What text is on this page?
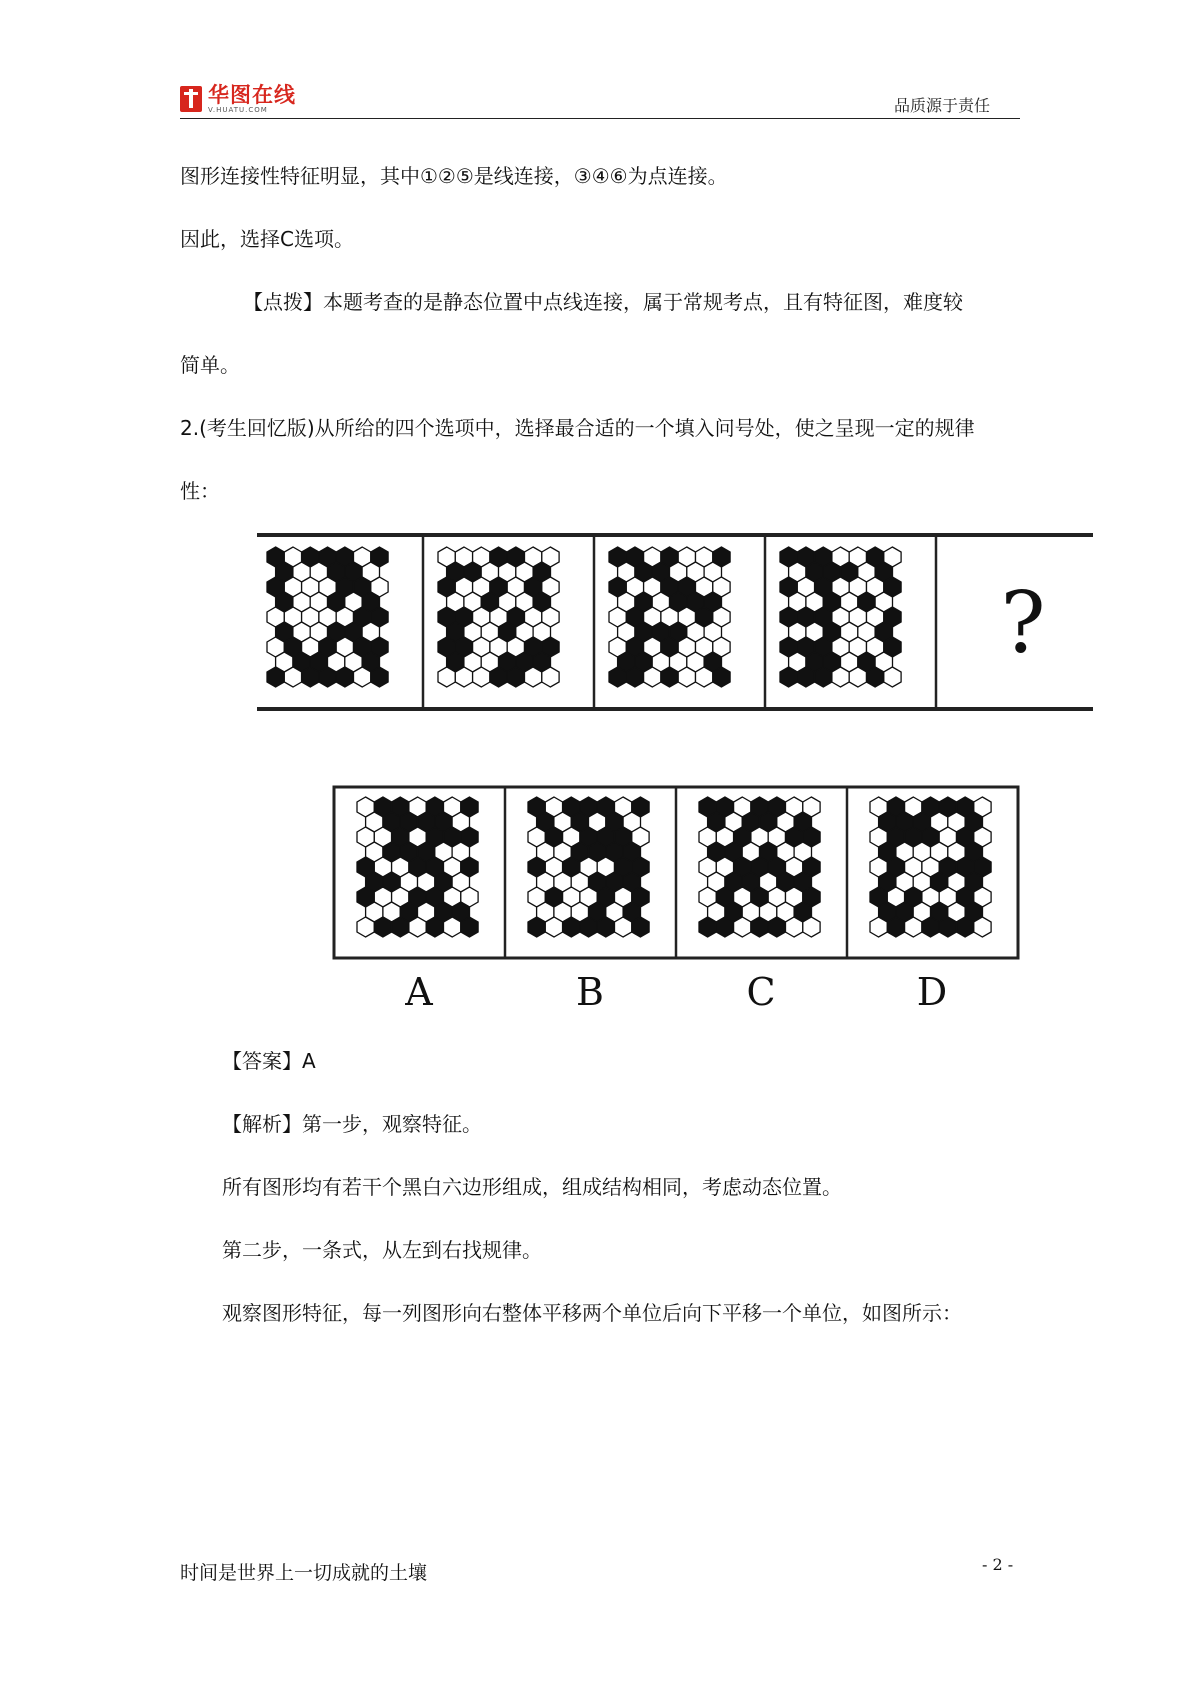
华图在线
V.HUATU.COM	品质源于责任
图形连接性特征明显，其中①②⑤是线连接，③④⑥为点连接。
因此，选择C选项。
【点拨】本题考查的是静态位置中点线连接，属于常规考点，且有特征图，难度较
简单。
2.(考生回忆版)从所给的四个选项中，选择最合适的一个填入问号处，使之呈现一定的规律
性：
?
A	B	C	D
【答案】A
【解析】第一步，观察特征。
所有图形均有若干个黑白六边形组成，组成结构相同，考虑动态位置。
第二步，一条式，从左到右找规律。
观察图形特征，每一列图形向右整体平移两个单位后向下平移一个单位，如图所示：
时间是世界上一切成就的土壤	- 2 -
